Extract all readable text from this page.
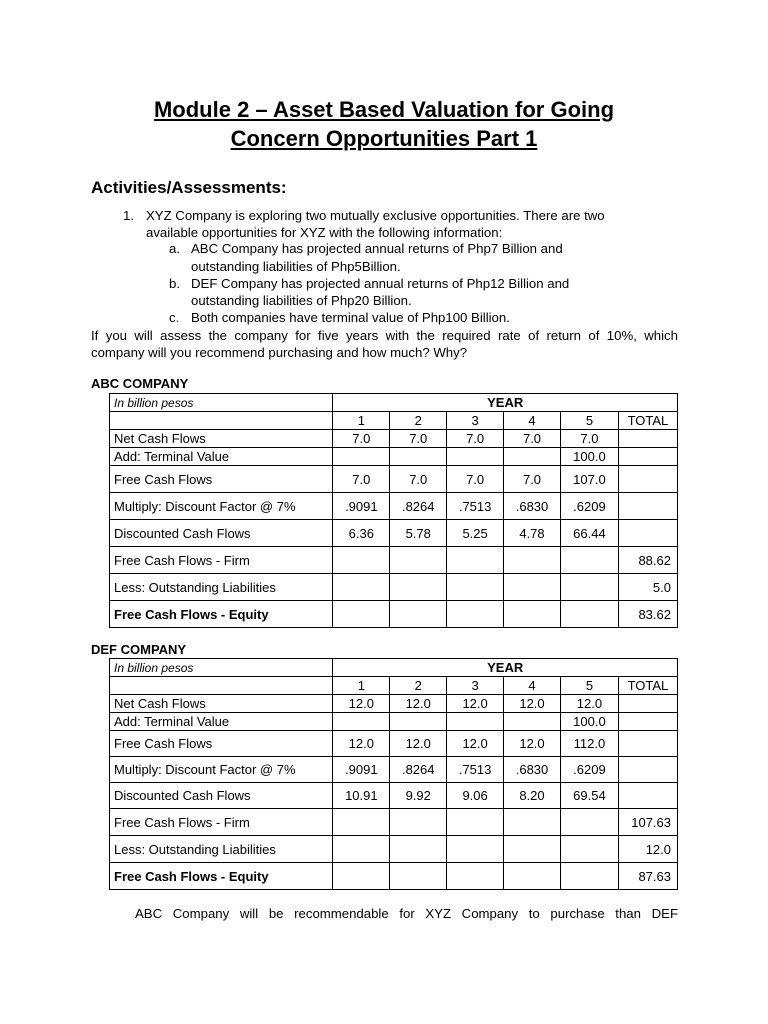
Module 2 – Asset Based Valuation for Going
Concern Opportunities Part 1
Activities/Assessments:
1. XYZ Company is exploring two mutually exclusive opportunities. There are two
available opportunities for XYZ with the following information:
a. ABC Company has projected annual returns of Php7 Billion and
outstanding liabilities of Php5Billion.
b. DEF Company has projected annual returns of Php12 Billion and
outstanding liabilities of Php20 Billion.
c. Both companies have terminal value of Php100 Billion.
If you will assess the company for five years with the required rate of return of 10%, which
company will you recommend purchasing and how much? Why?
ABC COMPANY
In billion pesos	YEAR					
	1	2	3	4	5	TOTAL
Net Cash Flows	7.0	7.0	7.0	7.0	7.0	
Add: Terminal Value					100.0	
Free Cash Flows	7.0	7.0	7.0	7.0	107.0	
Multiply: Discount Factor @ 7%	.9091	.8264	.7513	.6830	.6209	
Discounted Cash Flows	6.36	5.78	5.25	4.78	66.44	
Free Cash Flows - Firm						88.62
Less: Outstanding Liabilities						5.0
Free Cash Flows - Equity						83.62
DEF COMPANY
In billion pesos	YEAR					
	1	2	3	4	5	TOTAL
Net Cash Flows	12.0	12.0	12.0	12.0	12.0	
Add: Terminal Value					100.0	
Free Cash Flows	12.0	12.0	12.0	12.0	112.0	
Multiply: Discount Factor @ 7%	.9091	.8264	.7513	.6830	.6209	
Discounted Cash Flows	10.91	9.92	9.06	8.20	69.54	
Free Cash Flows - Firm						107.63
Less: Outstanding Liabilities						12.0
Free Cash Flows - Equity						87.63
ABC Company will be recommendable for XYZ Company to purchase than DEF
